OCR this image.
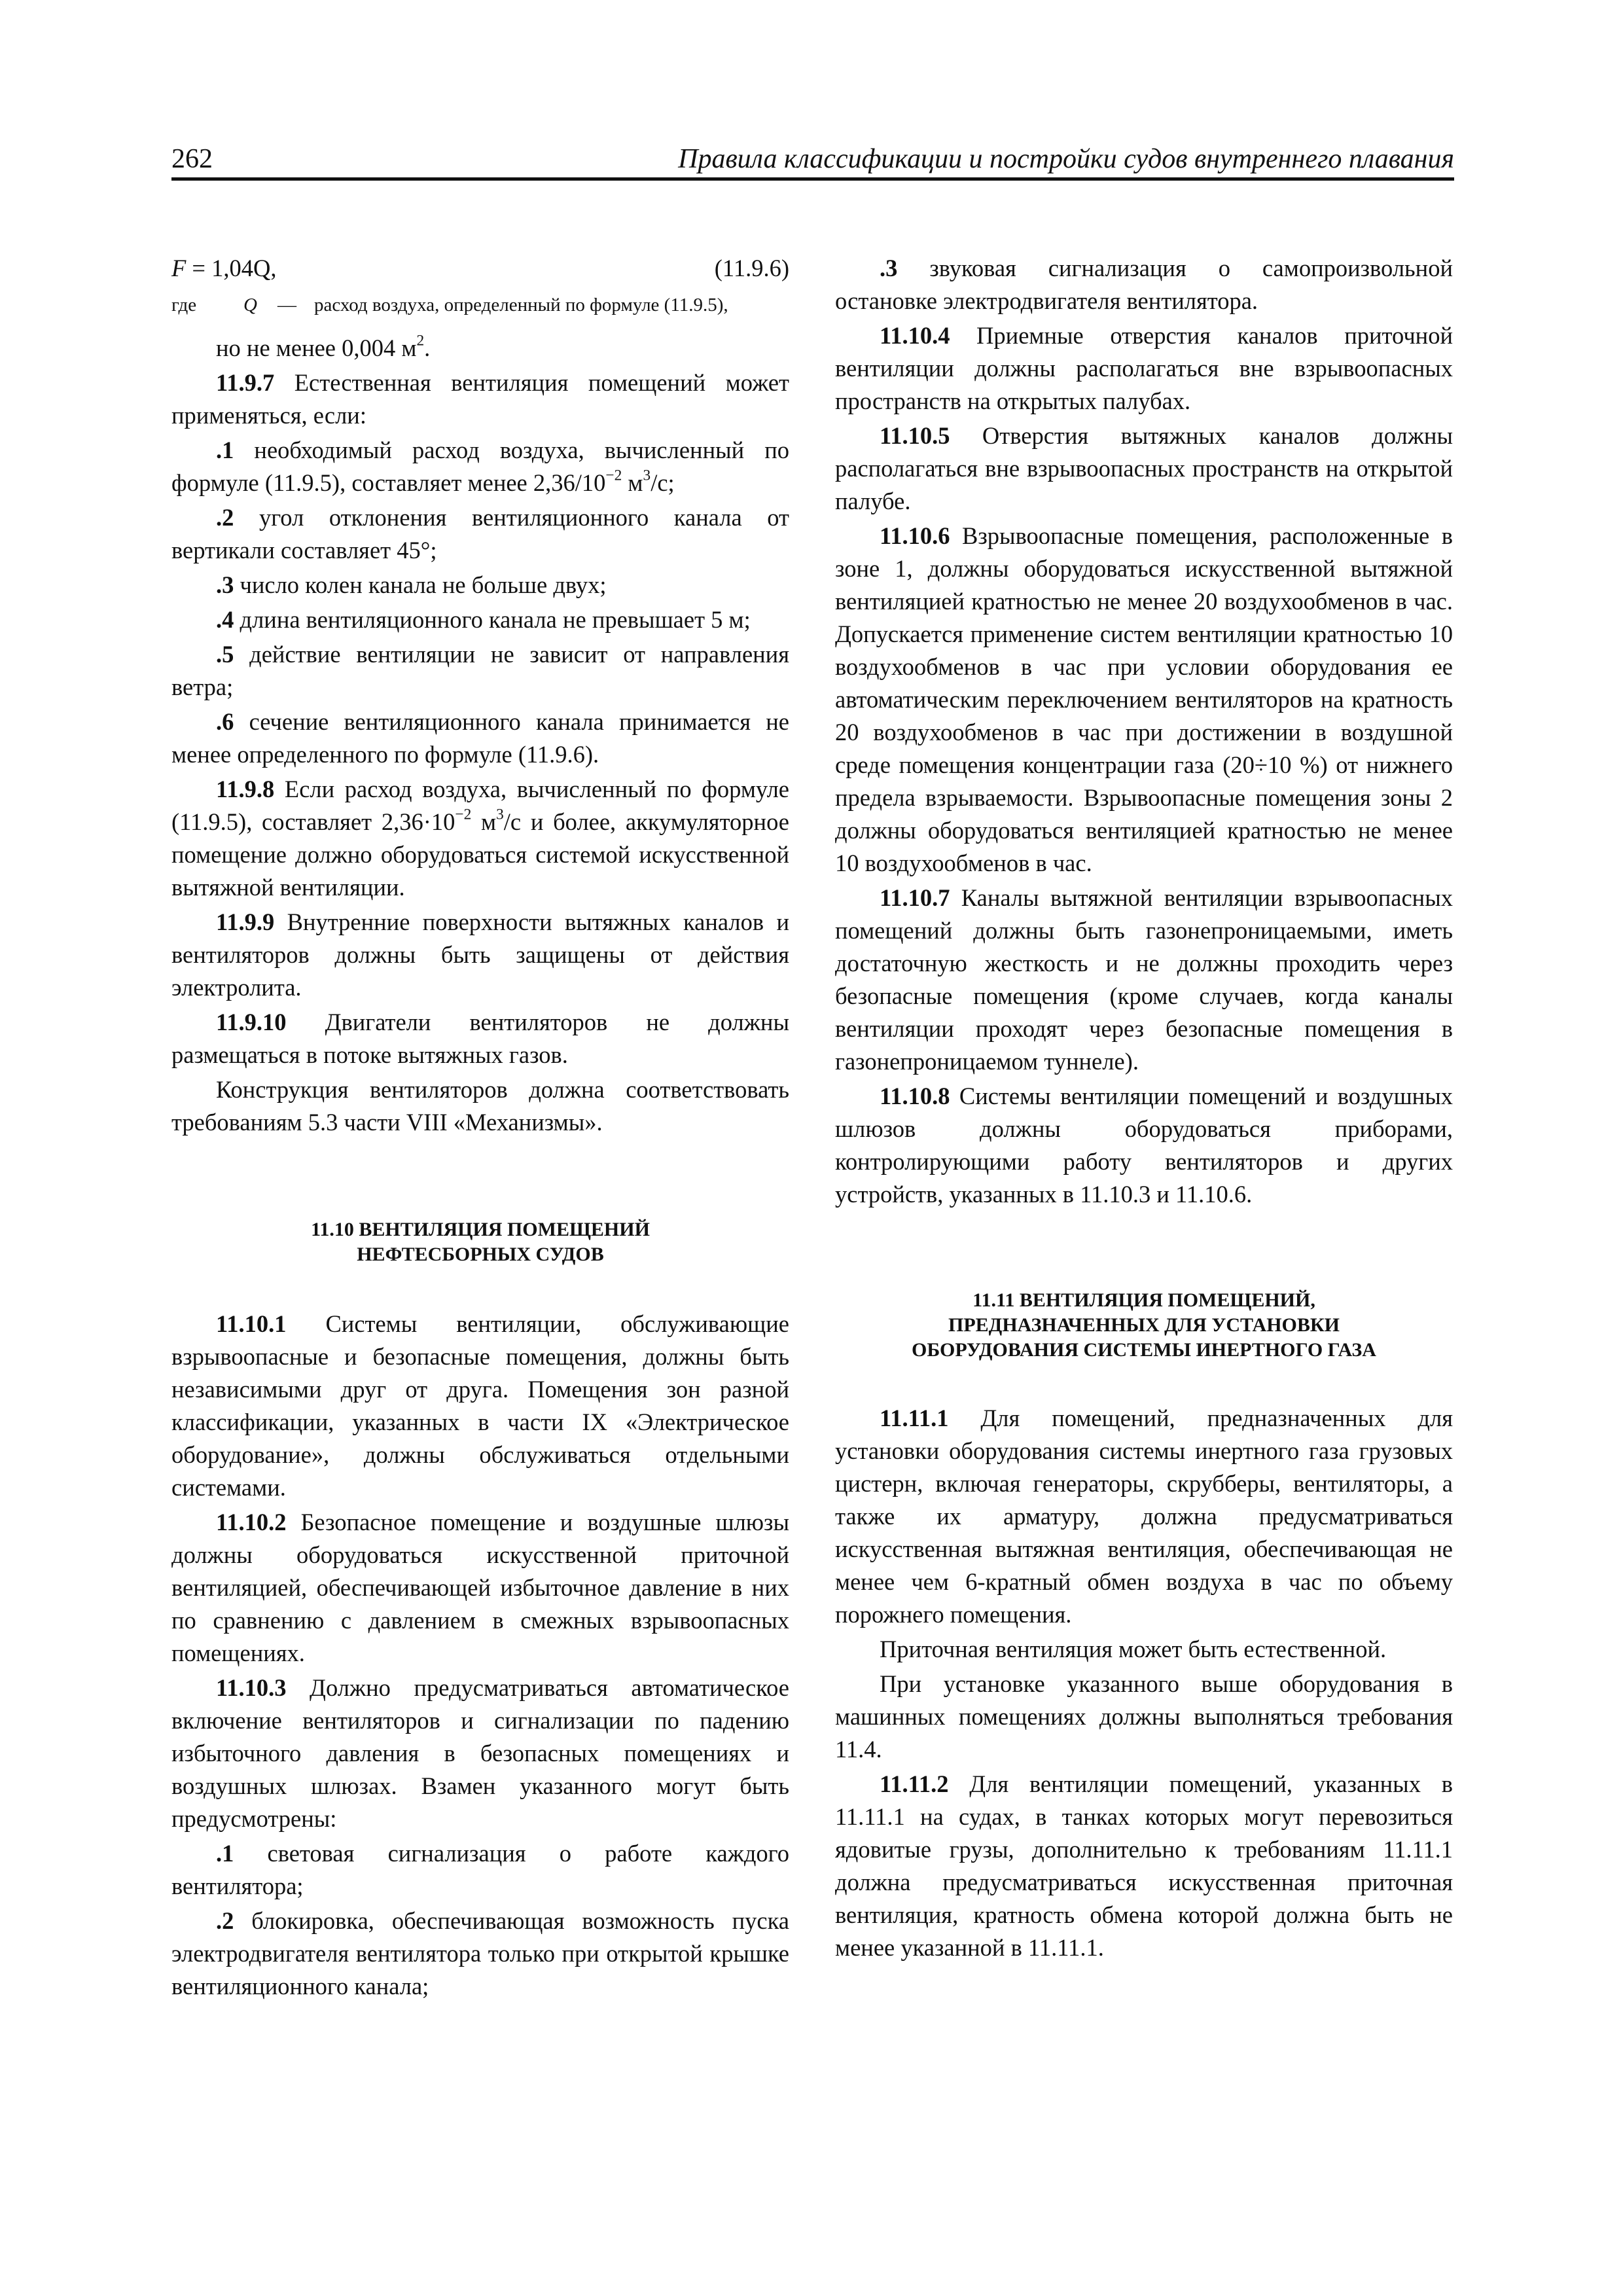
262	Правила классификации и постройки судов внутреннего плавания
F = 1,04Q,	(11.9.6)
где Q — расход воздуха, определенный по формуле (11.9.5),

но не менее 0,004 $м^2$.

11.9.7 Естественная вентиляция помещений может применяться, если:

.1 необходимый расход воздуха, вычисленный по формуле (11.9.5), составляет менее $2,36/10^{-2}$ $м^3/с$;

.2 угол отклонения вентиляционного канала от вертикали составляет 45°;

.3 число колен канала не больше двух;

.4 длина вентиляционного канала не превышает 5 м;

.5 действие вентиляции не зависит от направления ветра;

.6 сечение вентиляционного канала принимается не менее определенного по формуле (11.9.6).

11.9.8 Если расход воздуха, вычисленный по формуле (11.9.5), составляет $2,36\cdot 10^{-2}$ $м^3/с$ и более, аккумуляторное помещение должно оборудоваться системой искусственной вытяжной вентиляции.

11.9.9 Внутренние поверхности вытяжных каналов и вентиляторов должны быть защищены от действия электролита.

11.9.10 Двигатели вентиляторов не должны размещаться в потоке вытяжных газов.

Конструкция вентиляторов должна соответствовать требованиям 5.3 части VIII «Механизмы».

11.10 ВЕНТИЛЯЦИЯ ПОМЕЩЕНИЙ
НЕФТЕСБОРНЫХ СУДОВ

11.10.1 Системы вентиляции, обслуживающие взрывоопасные и безопасные помещения, должны быть независимыми друг от друга. Помещения зон разной классификации, указанных в части IX «Электрическое оборудование», должны обслуживаться отдельными системами.

11.10.2 Безопасное помещение и воздушные шлюзы должны оборудоваться искусственной приточной вентиляцией, обеспечивающей избыточное давление в них по сравнению с давлением в смежных взрывоопасных помещениях.

11.10.3 Должно предусматриваться автоматическое включение вентиляторов и сигнализации по падению избыточного давления в безопасных помещениях и воздушных шлюзах. Взамен указанного могут быть предусмотрены:

.1 световая сигнализация о работе каждого вентилятора;

.2 блокировка, обеспечивающая возможность пуска электродвигателя вентилятора только при открытой крышке вентиляционного канала;

.3 звуковая сигнализация о самопроизвольной остановке электродвигателя вентилятора.

11.10.4 Приемные отверстия каналов приточной вентиляции должны располагаться вне взрывоопасных пространств на открытых палубах.

11.10.5 Отверстия вытяжных каналов должны располагаться вне взрывоопасных пространств на открытой палубе.

11.10.6 Взрывоопасные помещения, расположенные в зоне 1, должны оборудоваться искусственной вытяжной вентиляцией кратностью не менее 20 воздухообменов в час. Допускается применение систем вентиляции кратностью 10 воздухообменов в час при условии оборудования ее автоматическим переключением вентиляторов на кратность 20 воздухообменов в час при достижении в воздушной среде помещения концентрации газа (20÷10 %) от нижнего предела взрываемости. Взрывоопасные помещения зоны 2 должны оборудоваться вентиляцией кратностью не менее 10 воздухообменов в час.

11.10.7 Каналы вытяжной вентиляции взрывоопасных помещений должны быть газонепроницаемыми, иметь достаточную жесткость и не должны проходить через безопасные помещения (кроме случаев, когда каналы вентиляции проходят через безопасные помещения в газонепроницаемом туннеле).

11.10.8 Системы вентиляции помещений и воздушных шлюзов должны оборудоваться приборами, контролирующими работу вентиляторов и других устройств, указанных в 11.10.3 и 11.10.6.

11.11 ВЕНТИЛЯЦИЯ ПОМЕЩЕНИЙ,
ПРЕДНАЗНАЧЕННЫХ ДЛЯ УСТАНОВКИ
ОБОРУДОВАНИЯ СИСТЕМЫ ИНЕРТНОГО ГАЗА

11.11.1 Для помещений, предназначенных для установки оборудования системы инертного газа грузовых цистерн, включая генераторы, скрубберы, вентиляторы, а также их арматуру, должна предусматриваться искусственная вытяжная вентиляция, обеспечивающая не менее чем 6-кратный обмен воздуха в час по объему порожнего помещения.

Приточная вентиляция может быть естественной.

При установке указанного выше оборудования в машинных помещениях должны выполняться требования 11.4.

11.11.2 Для вентиляции помещений, указанных в 11.11.1 на судах, в танках которых могут перевозиться ядовитые грузы, дополнительно к требованиям 11.11.1 должна предусматриваться искусственная приточная вентиляция, кратность обмена которой должна быть не менее указанной в 11.11.1.
